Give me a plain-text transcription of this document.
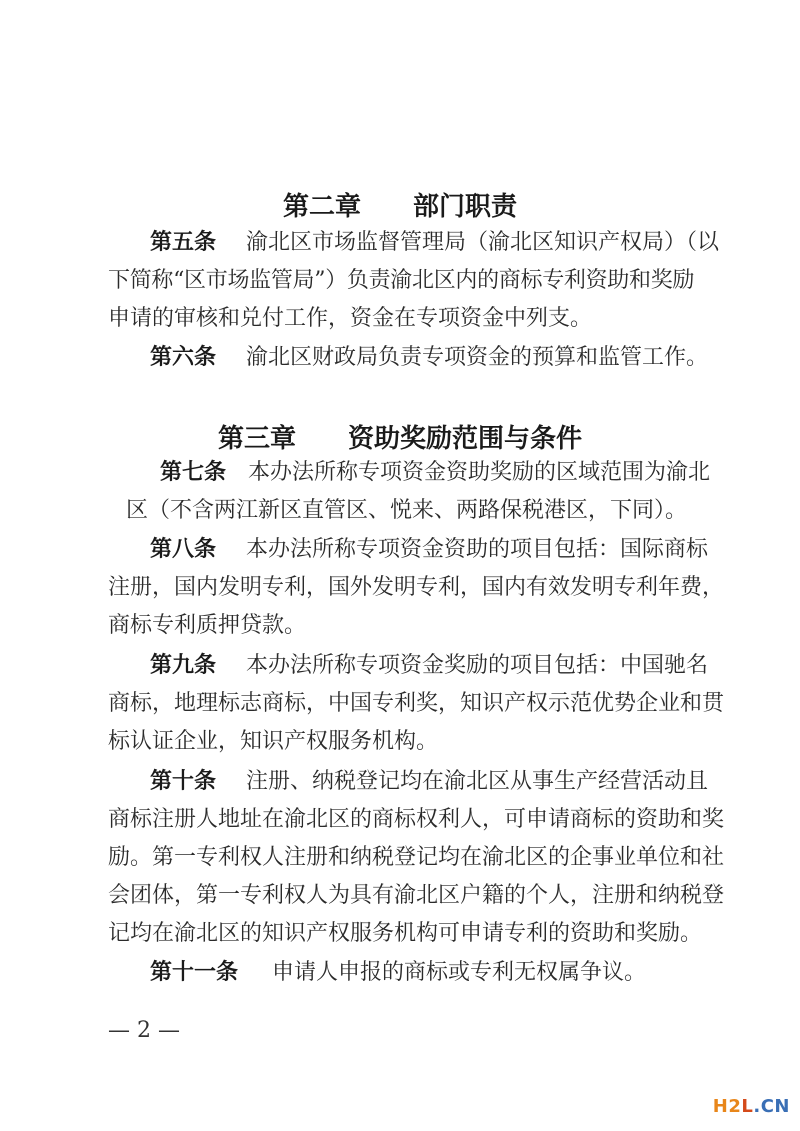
第二章 部门职责
第五条 渝北区市场监督管理局（渝北区知识产权局）（以
下简称“区市场监管局”）负责渝北区内的商标专利资助和奖励
申请的审核和兑付工作，资金在专项资金中列支。
第六条 渝北区财政局负责专项资金的预算和监管工作。
第三章 资助奖励范围与条件
第七条 本办法所称专项资金资助奖励的区域范围为渝北
区（不含两江新区直管区、悦来、两路保税港区，下同）。
第八条 本办法所称专项资金资助的项目包括：国际商标
注册，国内发明专利，国外发明专利，国内有效发明专利年费，
商标专利质押贷款。
第九条 本办法所称专项资金奖励的项目包括：中国驰名
商标，地理标志商标，中国专利奖，知识产权示范优势企业和贯
标认证企业，知识产权服务机构。
第十条 注册、纳税登记均在渝北区从事生产经营活动且
商标注册人地址在渝北区的商标权利人，可申请商标的资助和奖
励。第一专利权人注册和纳税登记均在渝北区的企事业单位和社
会团体，第一专利权人为具有渝北区户籍的个人，注册和纳税登
记均在渝北区的知识产权服务机构可申请专利的资助和奖励。
第十一条 申请人申报的商标或专利无权属争议。
— 2 —
H2L.CN
